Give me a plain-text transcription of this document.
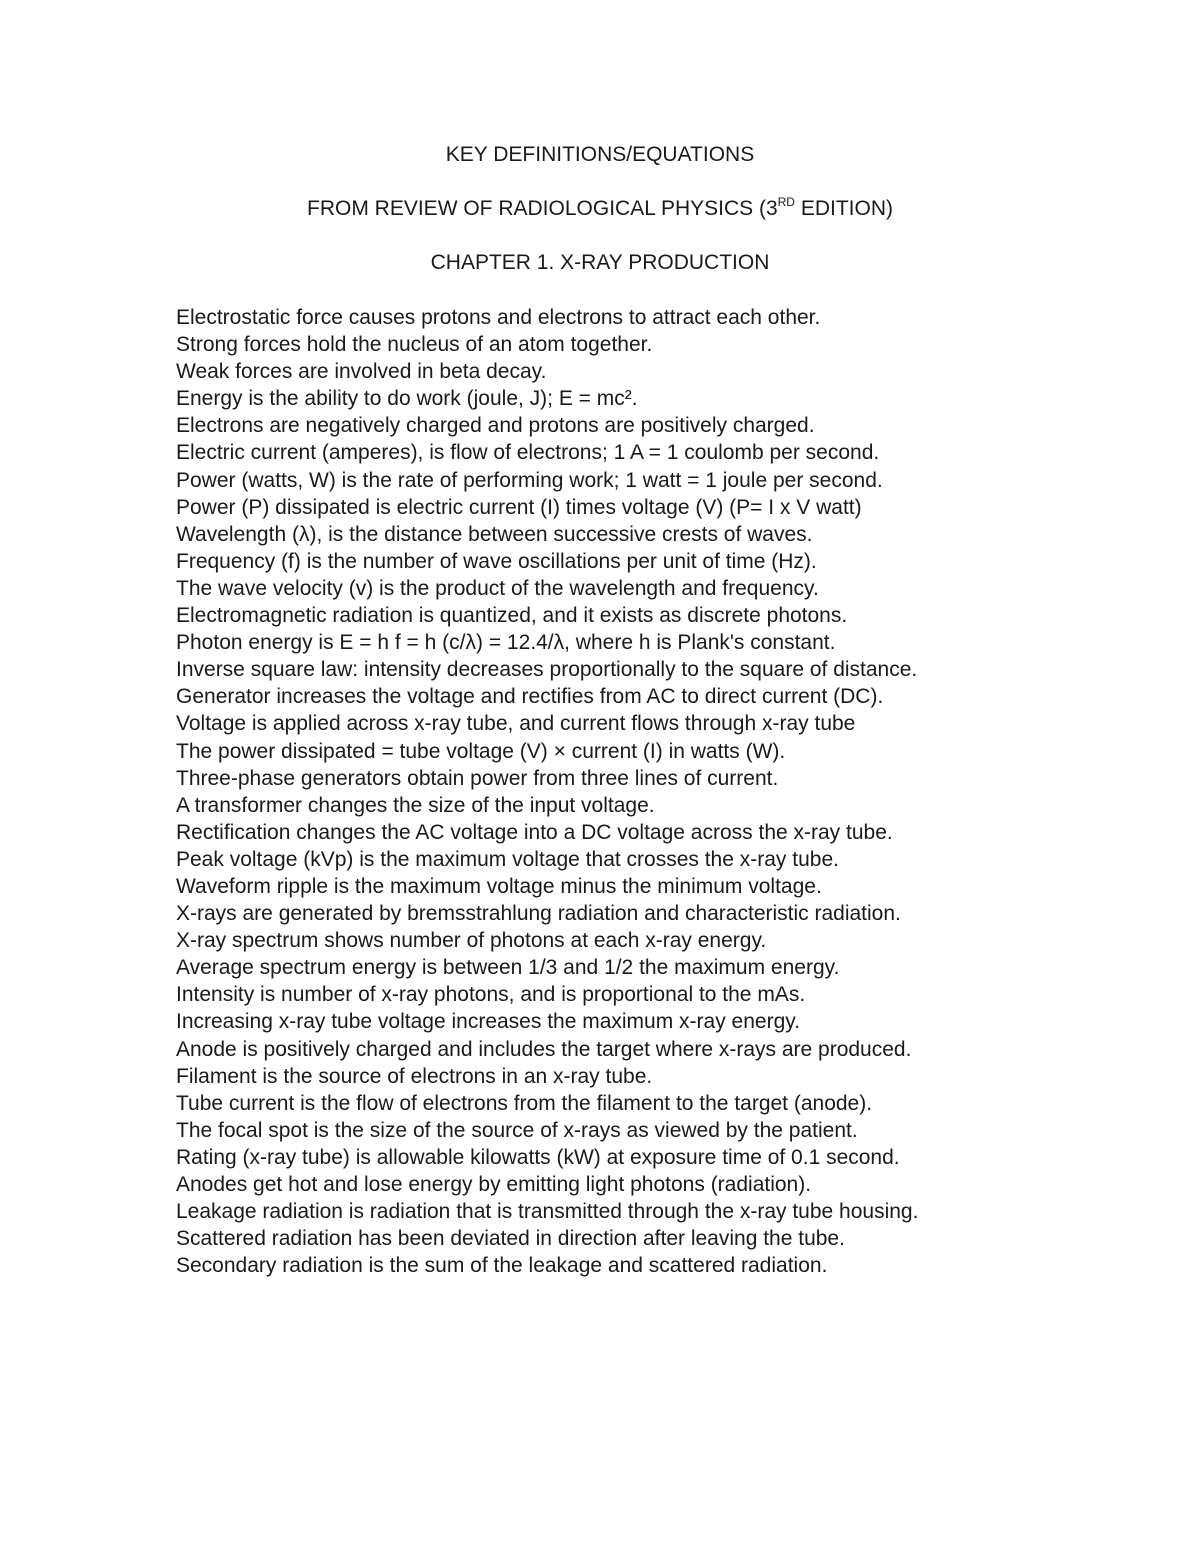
KEY DEFINITIONS/EQUATIONS
FROM REVIEW OF RADIOLOGICAL PHYSICS (3RD EDITION)
CHAPTER 1. X-RAY PRODUCTION
Electrostatic force causes protons and electrons to attract each other.
Strong forces hold the nucleus of an atom together.
Weak forces are involved in beta decay.
Energy is the ability to do work (joule, J); E = mc².
Electrons are negatively charged and protons are positively charged.
Electric current (amperes), is flow of electrons; 1 A = 1 coulomb per second.
Power (watts, W) is the rate of performing work; 1 watt = 1 joule per second.
Power (P) dissipated is electric current (I) times voltage (V) (P= I x V watt)
Wavelength (λ), is the distance between successive crests of waves.
Frequency (f) is the number of wave oscillations per unit of time (Hz).
The wave velocity (v) is the product of the wavelength and frequency.
Electromagnetic radiation is quantized, and it exists as discrete photons.
Photon energy is E = h f = h (c/λ) = 12.4/λ, where h is Plank's constant.
Inverse square law: intensity decreases proportionally to the square of distance.
Generator increases the voltage and rectifies from AC to direct current (DC).
Voltage is applied across x-ray tube, and current flows through x-ray tube
The power dissipated = tube voltage (V) × current (I) in watts (W).
Three-phase generators obtain power from three lines of current.
A transformer changes the size of the input voltage.
Rectification changes the AC voltage into a DC voltage across the x-ray tube.
Peak voltage (kVp) is the maximum voltage that crosses the x-ray tube.
Waveform ripple is the maximum voltage minus the minimum voltage.
X-rays are generated by bremsstrahlung radiation and characteristic radiation.
X-ray spectrum shows number of photons at each x-ray energy.
Average spectrum energy is between 1/3 and 1/2 the maximum energy.
Intensity is number of x-ray photons, and is proportional to the mAs.
Increasing x-ray tube voltage increases the maximum x-ray energy.
Anode is positively charged and includes the target where x-rays are produced.
Filament is the source of electrons in an x-ray tube.
Tube current is the flow of electrons from the filament to the target (anode).
The focal spot is the size of the source of x-rays as viewed by the patient.
Rating (x-ray tube) is allowable kilowatts (kW) at exposure time of 0.1 second.
Anodes get hot and lose energy by emitting light photons (radiation).
Leakage radiation is radiation that is transmitted through the x-ray tube housing.
Scattered radiation has been deviated in direction after leaving the tube.
Secondary radiation is the sum of the leakage and scattered radiation.
